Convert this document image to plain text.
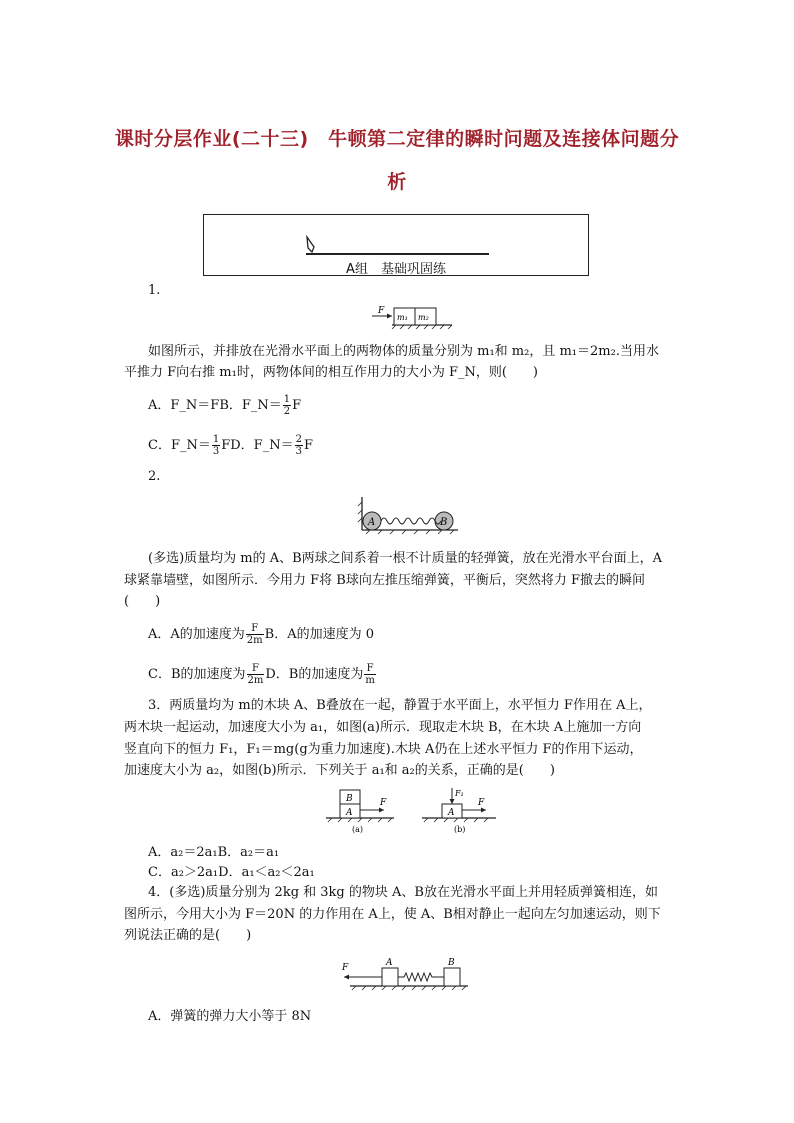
课时分层作业(二十三)　牛顿第二定律的瞬时问题及连接体问题分
析
A组　基础巩固练
1.
F
m₁ m₂
如图所示，并排放在光滑水平面上的两物体的质量分别为 m₁和 m₂，且 m₁＝2m₂.当用水
平推力 F向右推 m₁时，两物体间的相互作用力的大小为 F_N，则(　　)
A．F_N＝FB．F_N＝ $\frac{1}{2}$ F
C．F_N＝ $\frac{1}{3}$ FD．F_N＝ $\frac{2}{3}$ F
2.
A	B
(多选)质量均为 m的 A、B两球之间系着一根不计质量的轻弹簧，放在光滑水平台面上，A
球紧靠墙壁，如图所示．今用力 F将 B球向左推压缩弹簧，平衡后，突然将力 F撤去的瞬间
(　　)
A．A的加速度为 $\frac{F}{2m}$ B．A的加速度为 0
C．B的加速度为 $\frac{F}{2m}$ D．B的加速度为 $\frac{F}{m}$
3．两质量均为 m的木块 A、B叠放在一起，静置于水平面上，水平恒力 F作用在 A上，
两木块一起运动，加速度大小为 a₁，如图(a)所示．现取走木块 B，在木块 A上施加一方向
竖直向下的恒力 F₁，F₁＝mg(g为重力加速度).木块 A仍在上述水平恒力 F的作用下运动，
加速度大小为 a₂，如图(b)所示．下列关于 a₁和 a₂的关系，正确的是(　　)
B
A
F
(a)
F₁
A
F
(b)
A．a₂＝2a₁B．a₂＝a₁
C．a₂＞2a₁D．a₁＜a₂＜2a₁
4．(多选)质量分别为 2kg 和 3kg 的物块 A、B放在光滑水平面上并用轻质弹簧相连，如
图所示，今用大小为 F＝20N 的力作用在 A上，使 A、B相对静止一起向左匀加速运动，则下
列说法正确的是(　　)
F	A	B
A．弹簧的弹力大小等于 8N
